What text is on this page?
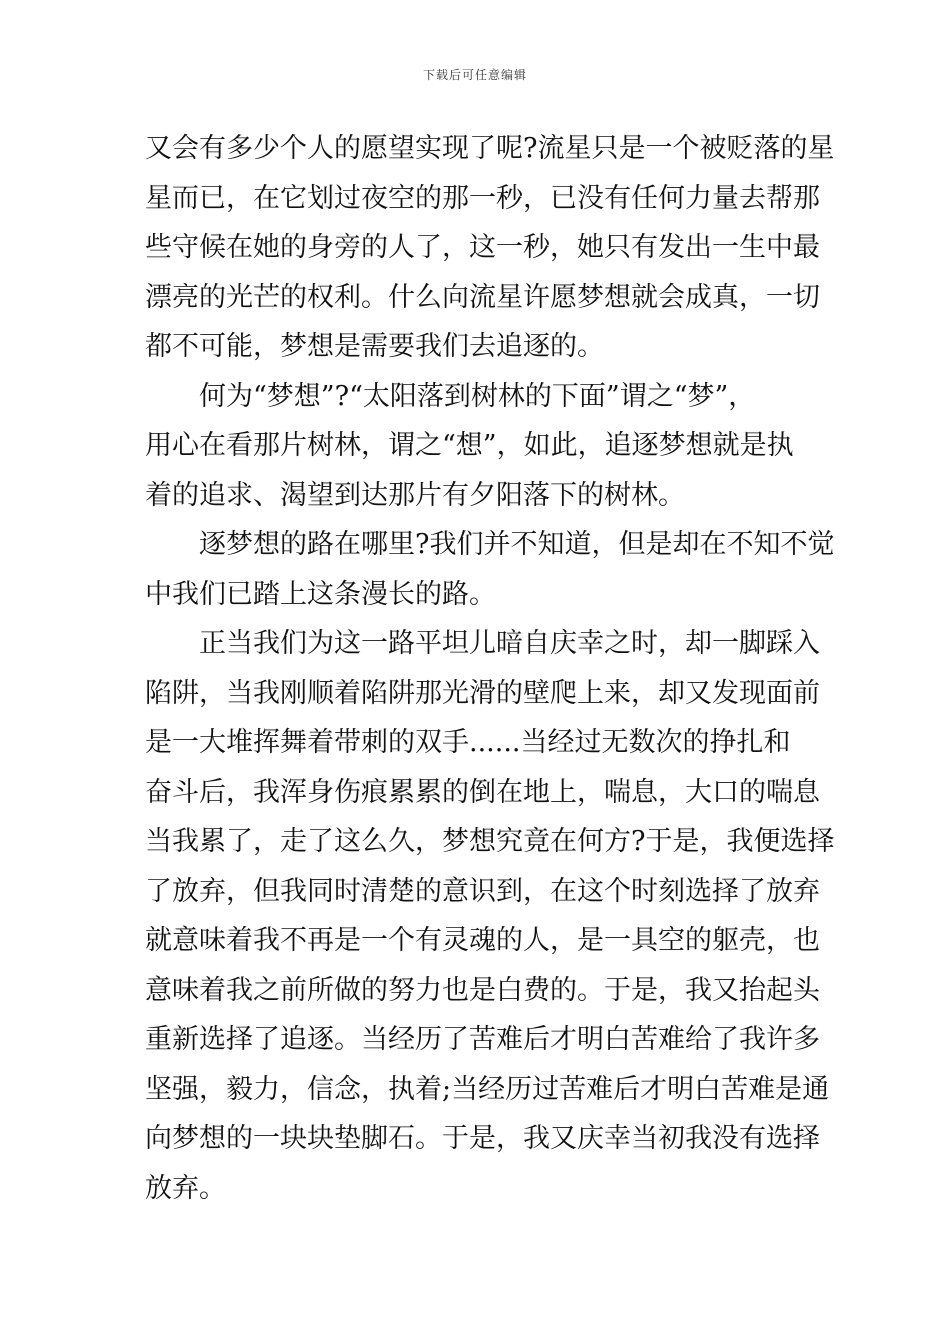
下载后可任意编辑
又会有多少个人的愿望实现了呢?流星只是一个被贬落的星
星而已，在它划过夜空的那一秒，已没有任何力量去帮那
些守候在她的身旁的人了，这一秒，她只有发出一生中最
漂亮的光芒的权利。什么向流星许愿梦想就会成真，一切
都不可能，梦想是需要我们去追逐的。
何为“梦想”?“太阳落到树林的下面”谓之“梦”，
用心在看那片树林，谓之“想”，如此，追逐梦想就是执
着的追求、渴望到达那片有夕阳落下的树林。
逐梦想的路在哪里?我们并不知道，但是却在不知不觉
中我们已踏上这条漫长的路。
正当我们为这一路平坦儿暗自庆幸之时，却一脚踩入
陷阱，当我刚顺着陷阱那光滑的壁爬上来，却又发现面前
是一大堆挥舞着带刺的双手......当经过无数次的挣扎和
奋斗后，我浑身伤痕累累的倒在地上，喘息，大口的喘息
当我累了，走了这么久，梦想究竟在何方?于是，我便选择
了放弃，但我同时清楚的意识到，在这个时刻选择了放弃
就意味着我不再是一个有灵魂的人，是一具空的躯壳，也
意味着我之前所做的努力也是白费的。于是，我又抬起头
重新选择了追逐。当经历了苦难后才明白苦难给了我许多
坚强，毅力，信念，执着;当经历过苦难后才明白苦难是通
向梦想的一块块垫脚石。于是，我又庆幸当初我没有选择
放弃。
